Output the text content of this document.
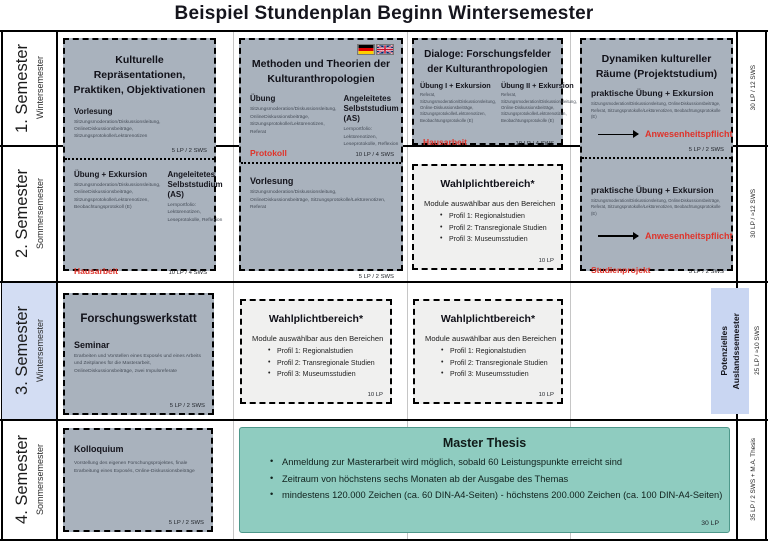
Beispiel Stundenplan Beginn Wintersemester
1. Semester Wintersemester
2. Semester Sommersemester
3. Semester Wintersemester
4. Semester Sommersemester
30 LP / 12 SWS
30 LP / ≈12 SWS
25 LP / ≈10 SWS
35 LP / 2 SWS + M.A. Thesis
Kulturelle Repräsentationen, Praktiken, Objektivationen
Vorlesung
Sitzungsmoderation/Diskussionsleitung, OnlineDiskussionsbeiträge, Sitzungsprotokolle/Lektürenotizen
5 LP / 2 SWS
Übung + Exkursion
Sitzungsmoderation/Diskussionsleitung, OnlineDiskussionsbeiträge, Sitzungsprotokolle/Lektürenotizen, Beobachtungsprotokoll (E)
Angeleitetes Selbststudium (AS)
Lernportfolio: Lektürenotizen, Leseprotokolle, Reflexion
Hausarbeit	10 LP / 4 SWS
Methoden und Theorien der Kulturanthropologien
Übung
Sitzungsmoderation/Diskussionsleitung, OnlineDiskussionsbeiträge, Sitzungsprotokolle/Lektürenotizen, Referat
Angeleitetes Selbststudium (AS)
Lernportfolio: Lektürenotizen, Leseprotokolle, Reflexion
Protokoll	10 LP / 4 SWS
Vorlesung
Sitzungsmoderation/Diskussionsleitung, OnlineDiskussionsbeiträge, Sitzungsprotokolle/Lektürenotizen, Referat
5 LP / 2 SWS
Dialoge: Forschungsfelder der Kulturanthropologien
Übung I + Exkursion
Referat, Sitzungsmoderation/Diskussionsleitung, Online-Diskussionsbeiträge, Sitzungsprotokolle/Lektürenotizen, Beobachtungsprotokolle (E)
Übung II + Exkursion
Referat, Sitzungsmoderation/Diskussionsleitung, Online-Diskussionsbeiträge, Sitzungsprotokolle/Lektürenotizen, Beobachtungsprotokolle (E)
Hausarbeit	10 LP / 4 SWS
Dynamiken kultureller Räume (Projektstudium)
praktische Übung + Exkursion
Sitzungsmoderation/Diskussionsleitung, OnlineDiskussionsbeiträge, Referat, Sitzungsprotokolle/Lektürenotizen, Beobachtungsprotokolle (E)
Anwesenheitspflicht
5 LP / 2 SWS
praktische Übung + Exkursion
Sitzungsmoderation/Diskussionsleitung, OnlineDiskussionsbeiträge, Referat, Sitzungsprotokolle/Lektürenotizen, Beobachtungsprotokolle (E)
Anwesenheitspflicht
Studienprojekt	5 LP / 2 SWS
Wahlplichtbereich*
Module auswählbar aus den Bereichen
• Profil 1: Regionalstudien
• Profil 2: Transregionale Studien
• Profil 3: Museumsstudien
10 LP
Forschungswerkstatt
Seminar
Erarbeiten und Vorstellen eines Exposés und eines Arbeits und Zeitplanes für die Masterarbeit, OnlineDiskussionsbeiträge, zwei Impulsreferate
5 LP / 2 SWS
Wahlplichtbereich*
Module auswählbar aus den Bereichen
• Profil 1: Regionalstudien
• Profil 2: Transregionale Studien
• Profil 3: Museumsstudien
10 LP
Wahlplichtbereich*
Module auswählbar aus den Bereichen
• Profil 1: Regionalstudien
• Profil 2: Transregionale Studien
• Profil 3: Museumsstudien
10 LP
Potenzielles Auslandssemester
Kolloquium
Vorstellung des eigenen Forschungsprojektes, finale Erarbeitung eines Exposés, Online-Diskussionsbeiträge
5 LP / 2 SWS
Master Thesis
• Anmeldung zur Masterarbeit wird möglich, sobald 60 Leistungspunkte erreicht sind
• Zeitraum von höchstens sechs Monaten ab der Ausgabe des Themas
• mindestens 120.000 Zeichen (ca. 60 DIN-A4-Seiten) - höchstens 200.000 Zeichen (ca. 100 DIN-A4-Seiten)
30 LP
